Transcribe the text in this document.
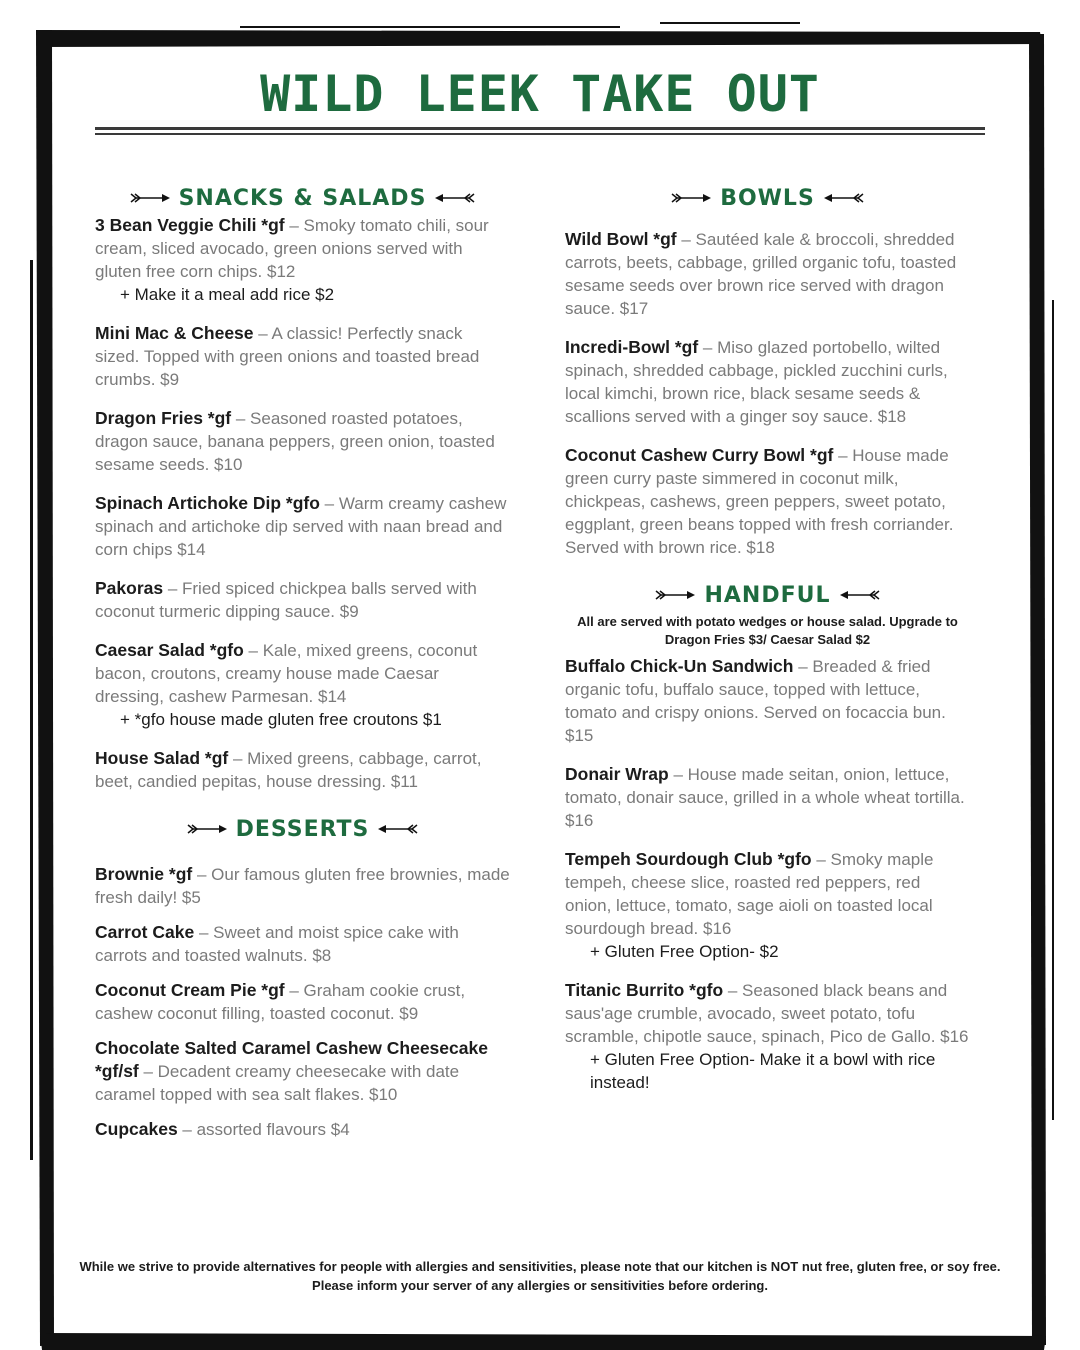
WILD LEEK TAKE OUT
SNACKS & SALADS

3 Bean Veggie Chili *gf – Smoky tomato chili, sour cream, sliced avocado, green onions served with gluten free corn chips. $12

+ Make it a meal add rice $2

Mini Mac & Cheese – A classic! Perfectly snack sized. Topped with green onions and toasted bread crumbs. $9

Dragon Fries *gf – Seasoned roasted potatoes, dragon sauce, banana peppers, green onion, toasted sesame seeds. $10

Spinach Artichoke Dip *gfo – Warm creamy cashew spinach and artichoke dip served with naan bread and corn chips $14

Pakoras – Fried spiced chickpea balls served with coconut turmeric dipping sauce. $9

Caesar Salad *gfo – Kale, mixed greens, coconut bacon, croutons, creamy house made Caesar dressing, cashew Parmesan. $14

+ *gfo house made gluten free croutons $1

House Salad *gf – Mixed greens, cabbage, carrot, beet, candied pepitas, house dressing. $11

DESSERTS

Brownie *gf – Our famous gluten free brownies, made fresh daily! $5

Carrot Cake – Sweet and moist spice cake with carrots and toasted walnuts. $8

Coconut Cream Pie *gf – Graham cookie crust, cashew coconut filling, toasted coconut. $9

Chocolate Salted Caramel Cashew Cheesecake *gf/sf – Decadent creamy cheesecake with date caramel topped with sea salt flakes. $10

Cupcakes – assorted flavours $4

BOWLS

Wild Bowl *gf – Sautéed kale & broccoli, shredded carrots, beets, cabbage, grilled organic tofu, toasted sesame seeds over brown rice served with dragon sauce. $17

Incredi-Bowl *gf – Miso glazed portobello, wilted spinach, shredded cabbage, pickled zucchini curls, local kimchi, brown rice, black sesame seeds & scallions served with a ginger soy sauce. $18

Coconut Cashew Curry Bowl *gf – House made green curry paste simmered in coconut milk, chickpeas, cashews, green peppers, sweet potato, eggplant, green beans topped with fresh corriander. Served with brown rice. $18

HANDFUL
All are served with potato wedges or house salad. Upgrade to Dragon Fries $3/ Caesar Salad $2

Buffalo Chick-Un Sandwich – Breaded & fried organic tofu, buffalo sauce, topped with lettuce, tomato and crispy onions. Served on focaccia bun. $15

Donair Wrap – House made seitan, onion, lettuce, tomato, donair sauce, grilled in a whole wheat tortilla. $16

Tempeh Sourdough Club *gfo – Smoky maple tempeh, cheese slice, roasted red peppers, red onion, lettuce, tomato, sage aioli on toasted local sourdough bread. $16

+ Gluten Free Option- $2

Titanic Burrito *gfo – Seasoned black beans and saus'age crumble, avocado, sweet potato, tofu scramble, chipotle sauce, spinach, Pico de Gallo. $16

+ Gluten Free Option- Make it a bowl with rice instead!
While we strive to provide alternatives for people with allergies and sensitivities, please note that our kitchen is NOT nut free, gluten free, or soy free.
Please inform your server of any allergies or sensitivities before ordering.
